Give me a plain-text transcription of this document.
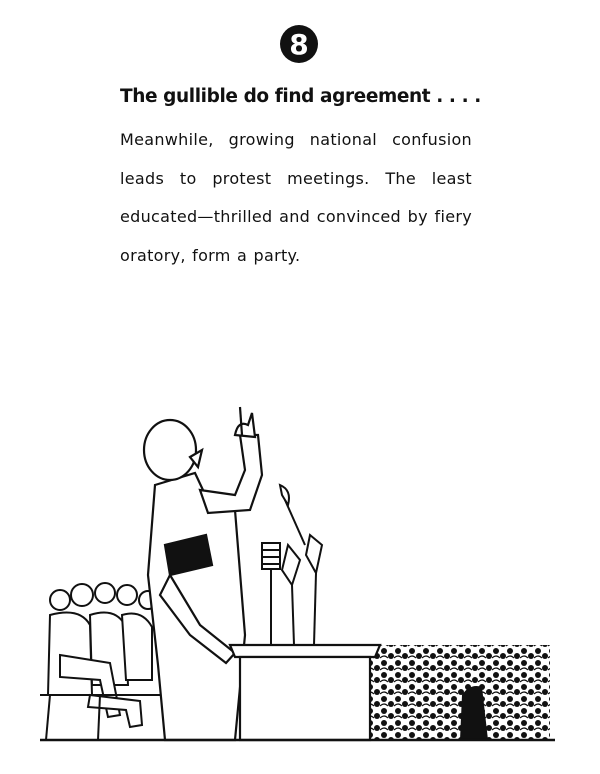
8
The gullible do find agreement . . . .
Meanwhile, growing national confusion leads to protest meetings. The least educated—thrilled and convinced by fiery oratory, form a party.
